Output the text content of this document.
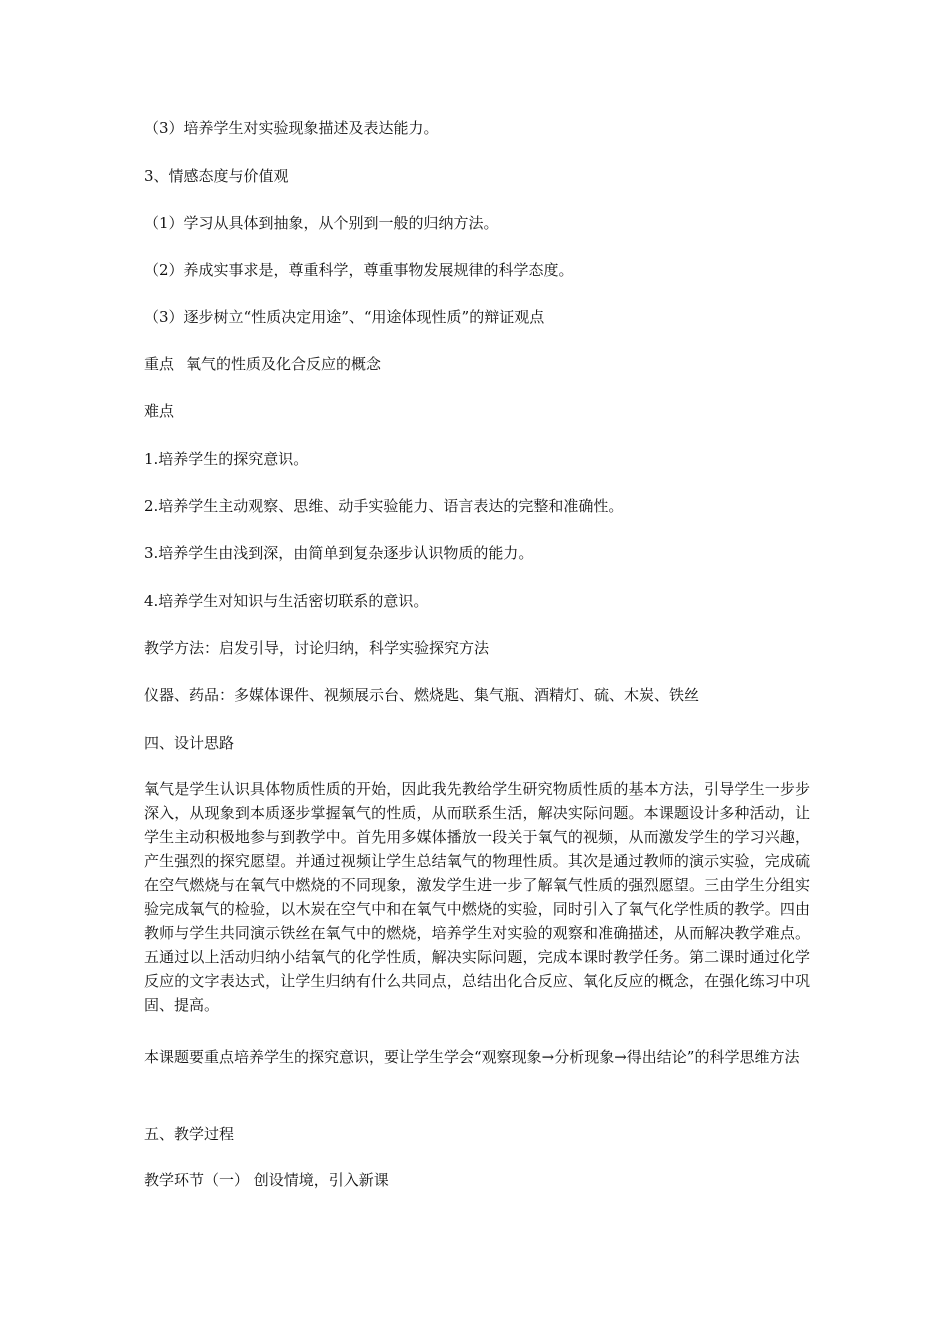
（3）培养学生对实验现象描述及表达能力。

3、情感态度与价值观

（1）学习从具体到抽象，从个别到一般的归纳方法。

（2）养成实事求是，尊重科学，尊重事物发展规律的科学态度。

（3）逐步树立“性质决定用途”、“用途体现性质”的辩证观点

重点 氧气的性质及化合反应的概念

难点

1.培养学生的探究意识。

2.培养学生主动观察、思维、动手实验能力、语言表达的完整和准确性。

3.培养学生由浅到深，由简单到复杂逐步认识物质的能力。

4.培养学生对知识与生活密切联系的意识。

教学方法：启发引导，讨论归纳，科学实验探究方法

仪器、药品：多媒体课件、视频展示台、燃烧匙、集气瓶、酒精灯、硫、木炭、铁丝

四、设计思路

氧气是学生认识具体物质性质的开始，因此我先教给学生研究物质性质的基本方法，引导学生一步步深入，从现象到本质逐步掌握氧气的性质，从而联系生活，解决实际问题。本课题设计多种活动，让学生主动积极地参与到教学中。首先用多媒体播放一段关于氧气的视频，从而激发学生的学习兴趣，产生强烈的探究愿望。并通过视频让学生总结氧气的物理性质。其次是通过教师的演示实验，完成硫在空气燃烧与在氧气中燃烧的不同现象，激发学生进一步了解氧气性质的强烈愿望。三由学生分组实验完成氧气的检验，以木炭在空气中和在氧气中燃烧的实验，同时引入了氧气化学性质的教学。四由教师与学生共同演示铁丝在氧气中的燃烧，培养学生对实验的观察和准确描述，从而解决教学难点。五通过以上活动归纳小结氧气的化学性质，解决实际问题，完成本课时教学任务。第二课时通过化学反应的文字表达式，让学生归纳有什么共同点，总结出化合反应、氧化反应的概念，在强化练习中巩固、提高。

本课题要重点培养学生的探究意识，要让学生学会“观察现象→分析现象→得出结论”的科学思维方法

五、教学过程

教学环节（一） 创设情境，引入新课
